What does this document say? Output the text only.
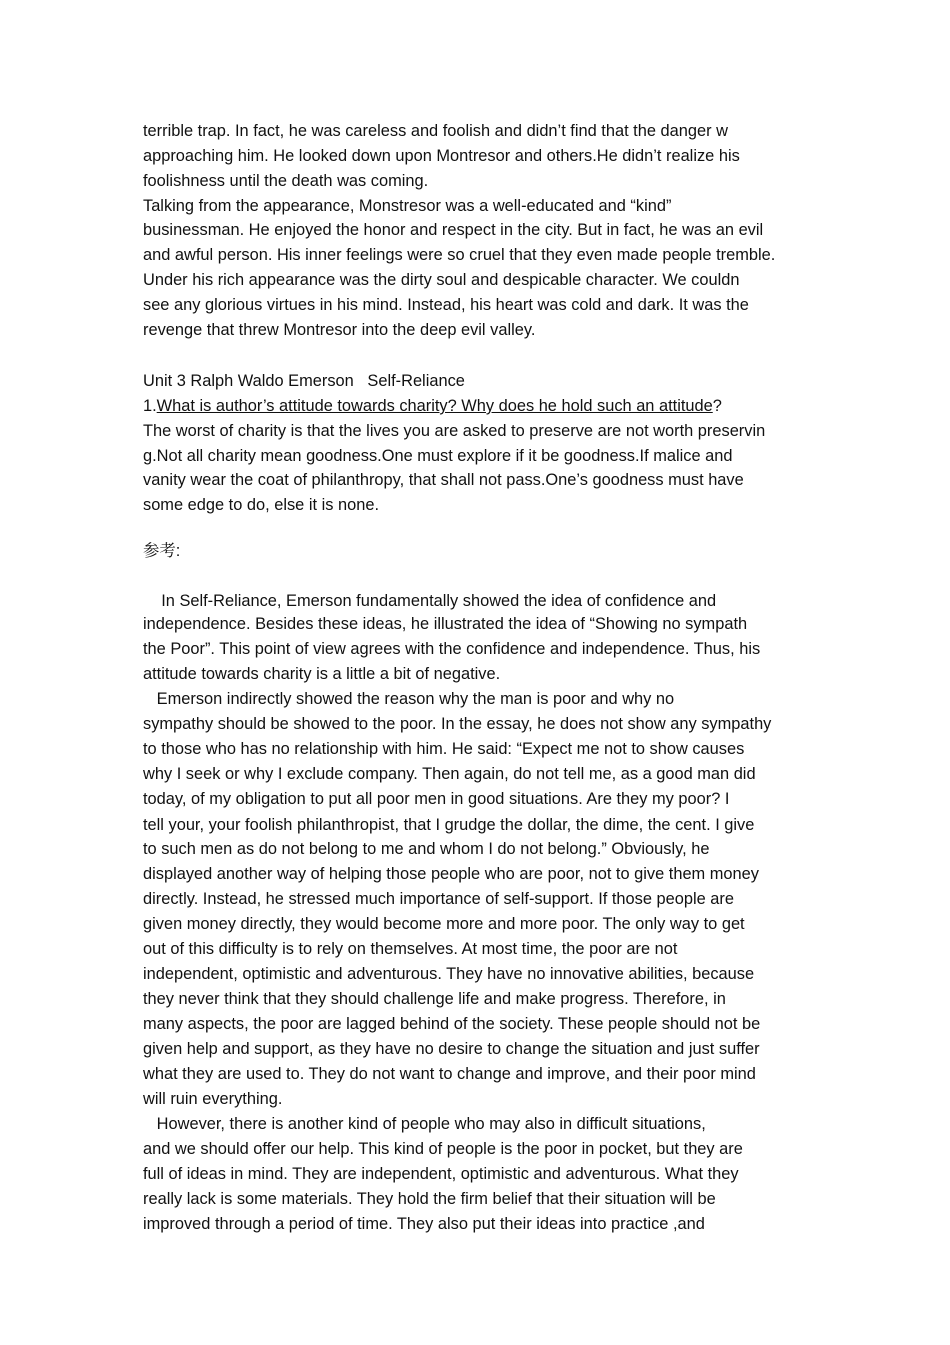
terrible trap. In fact, he was careless and foolish and didn’t find that the danger w
approaching him. He looked down upon Montresor and others.He didn’t realize his
foolishness until the death was coming.
Talking from the appearance, Monstresor was a well-educated and “kind”
businessman. He enjoyed the honor and respect in the city. But in fact, he was an evil
and awful person. His inner feelings were so cruel that they even made people tremble.
Under his rich appearance was the dirty soul and despicable character. We couldn
see any glorious virtues in his mind. Instead, his heart was cold and dark. It was the
revenge that threw Montresor into the deep evil valley.
Unit 3 Ralph Waldo Emerson   Self-Reliance
1.What is author’s attitude towards charity? Why does he hold such an attitude?
The worst of charity is that the lives you are asked to preserve are not worth preservin
g.Not all charity mean goodness.One must explore if it be goodness.If malice and
vanity wear the coat of philanthropy, that shall not pass.One’s goodness must have
some edge to do, else it is none.
参考:
In Self-Reliance, Emerson fundamentally showed the idea of confidence and
independence. Besides these ideas, he illustrated the idea of “Showing no sympath
the Poor”. This point of view agrees with the confidence and independence. Thus, his
attitude towards charity is a little a bit of negative.
Emerson indirectly showed the reason why the man is poor and why no
sympathy should be showed to the poor. In the essay, he does not show any sympathy
to those who has no relationship with him. He said: “Expect me not to show causes
why I seek or why I exclude company. Then again, do not tell me, as a good man did
today, of my obligation to put all poor men in good situations. Are they my poor? I
tell your, your foolish philanthropist, that I grudge the dollar, the dime, the cent. I give
to such men as do not belong to me and whom I do not belong.” Obviously, he
displayed another way of helping those people who are poor, not to give them money
directly. Instead, he stressed much importance of self-support. If those people are
given money directly, they would become more and more poor. The only way to get
out of this difficulty is to rely on themselves. At most time, the poor are not
independent, optimistic and adventurous. They have no innovative abilities, because
they never think that they should challenge life and make progress. Therefore, in
many aspects, the poor are lagged behind of the society. These people should not be
given help and support, as they have no desire to change the situation and just suffer
what they are used to. They do not want to change and improve, and their poor mind
will ruin everything.
However, there is another kind of people who may also in difficult situations,
and we should offer our help. This kind of people is the poor in pocket, but they are
full of ideas in mind. They are independent, optimistic and adventurous. What they
really lack is some materials. They hold the firm belief that their situation will be
improved through a period of time. They also put their ideas into practice ,and
